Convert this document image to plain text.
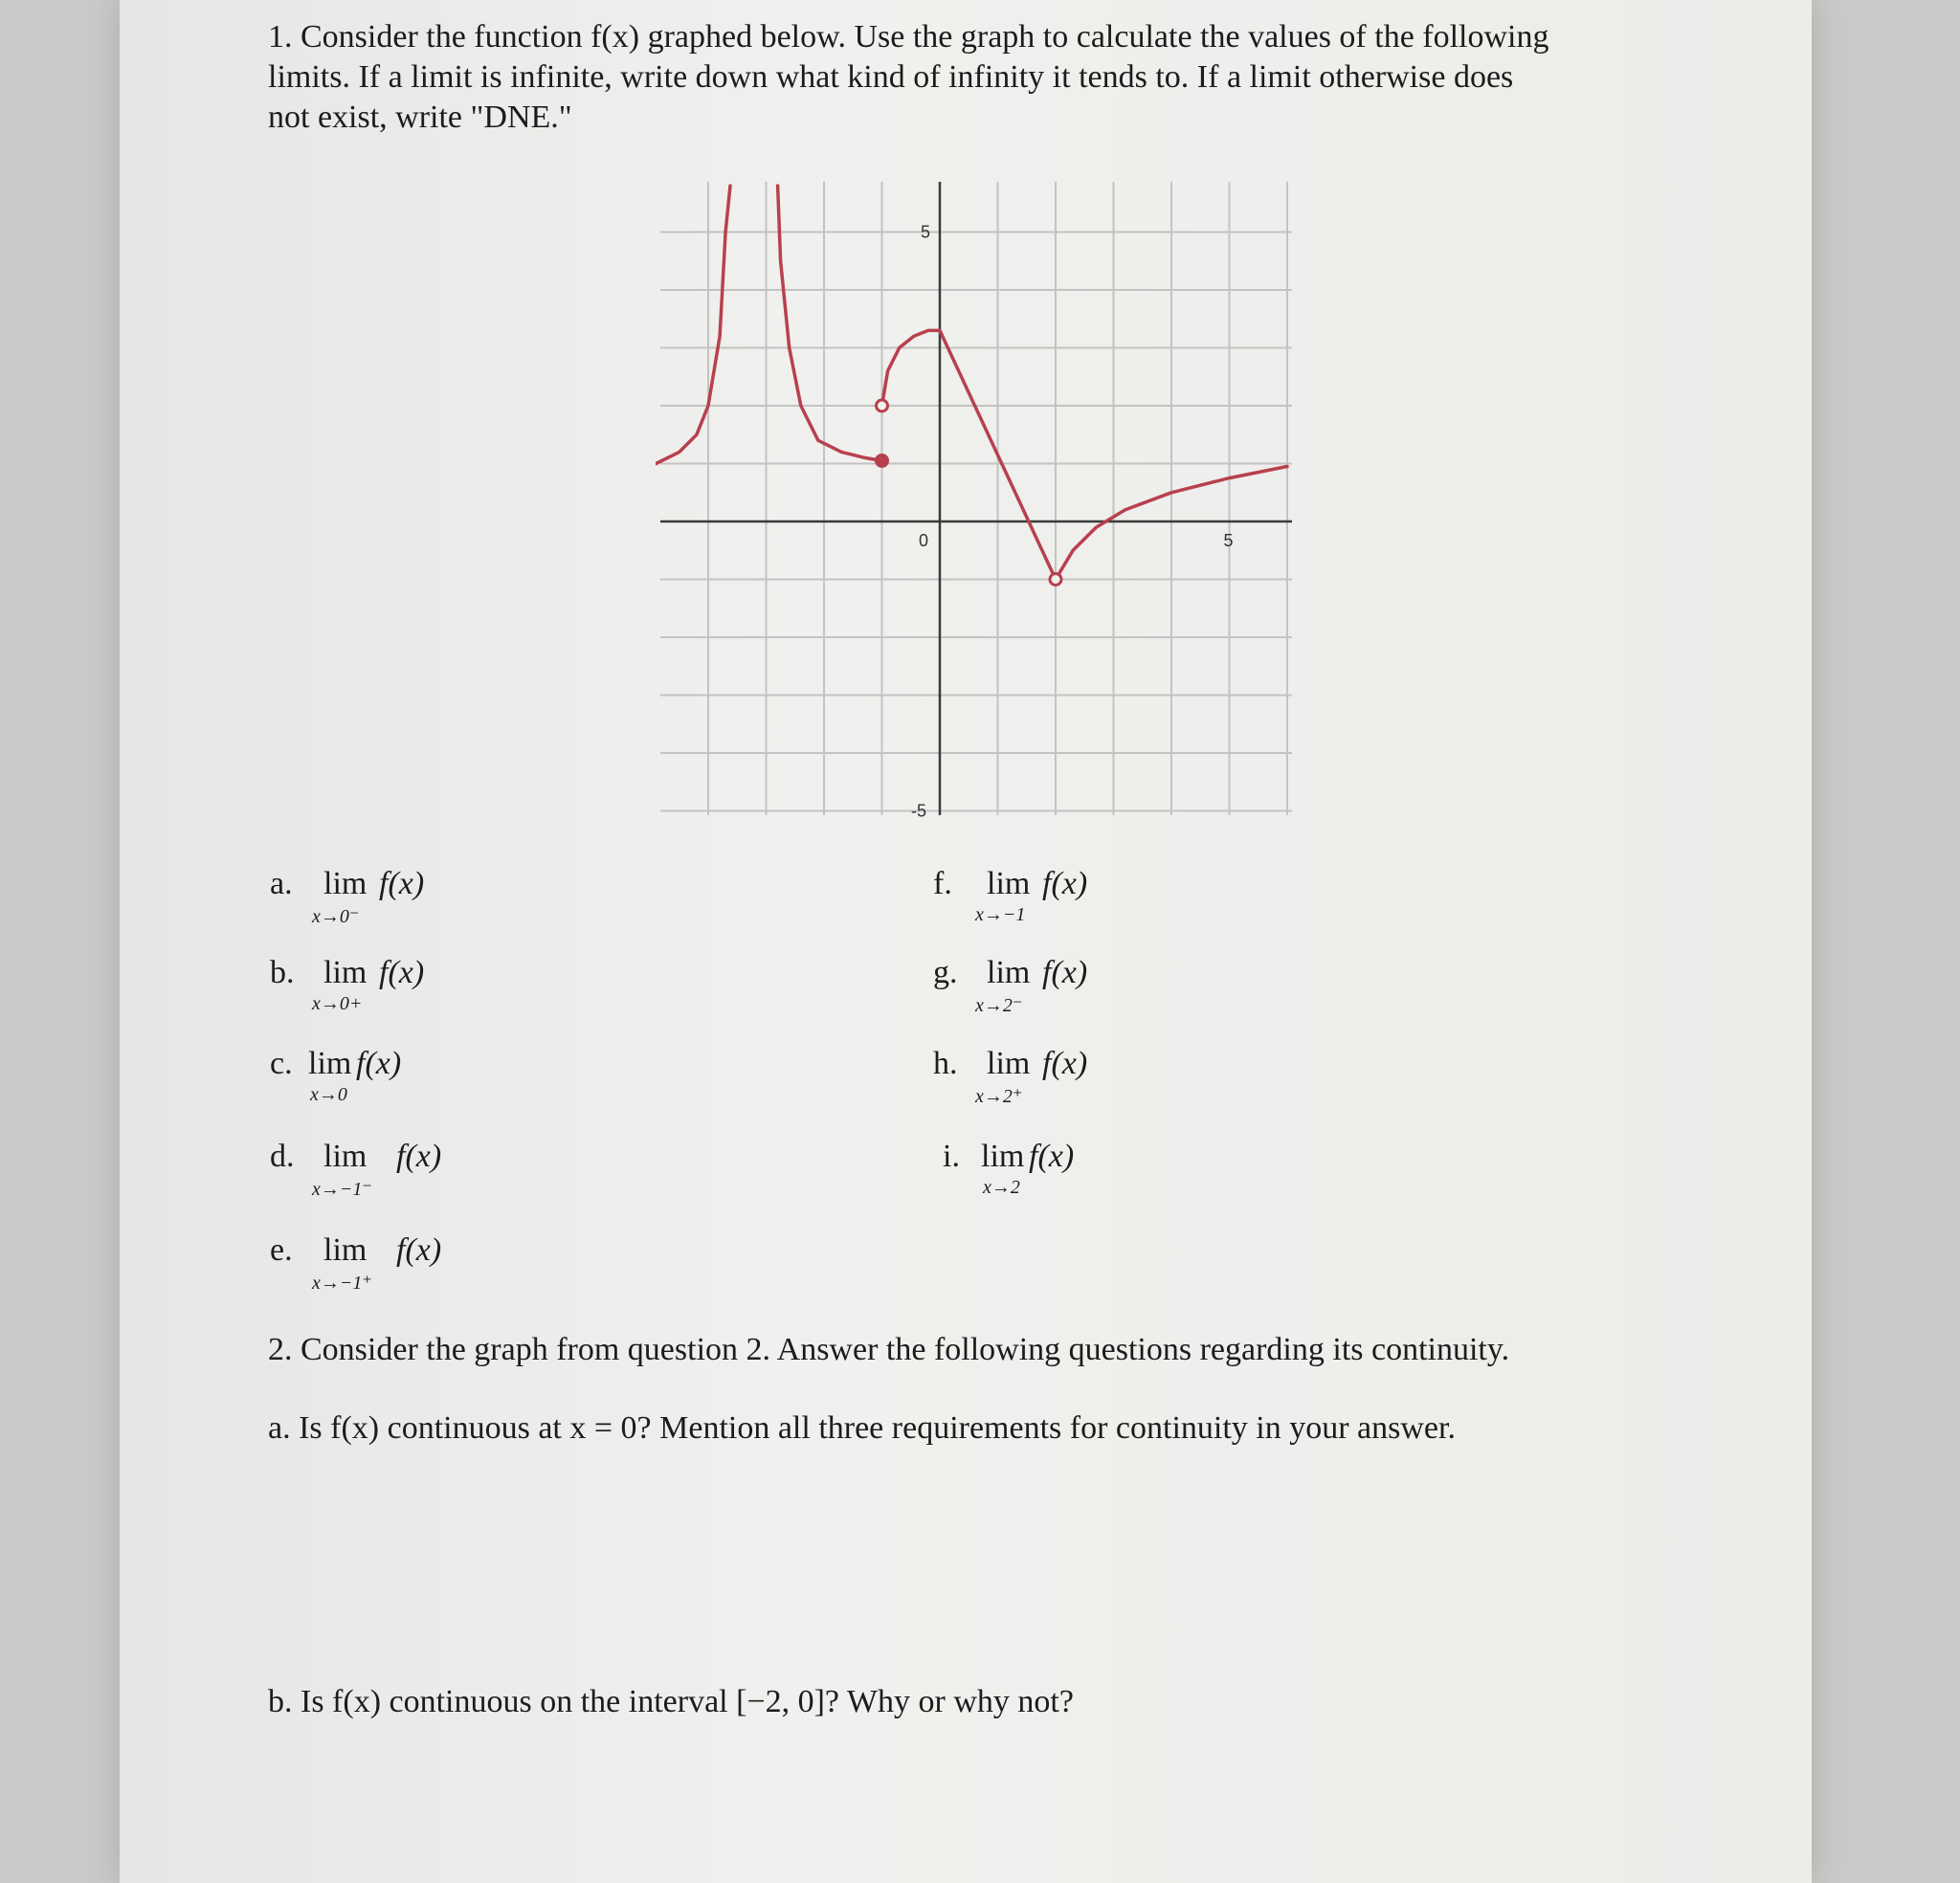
1. Consider the function f(x) graphed below. Use the graph to calculate the values of the following
limits. If a limit is infinite, write down what kind of infinity it tends to. If a limit otherwise does
not exist, write "DNE."
5
-5
0	5
a. lim
x→0⁻
f(x)
b. lim
x→0+
f(x)
c. lim
x→0
f(x)
d. lim
x→−1⁻
f(x)
e. lim
x→−1⁺
f(x)
f. lim
x→−1
f(x)
g. lim
x→2⁻
f(x)
h. lim
x→2⁺
f(x)
i. lim
x→2
f(x)
2. Consider the graph from question 2. Answer the following questions regarding its continuity.
a. Is f(x) continuous at x = 0? Mention all three requirements for continuity in your answer.
b. Is f(x) continuous on the interval [−2, 0]? Why or why not?
